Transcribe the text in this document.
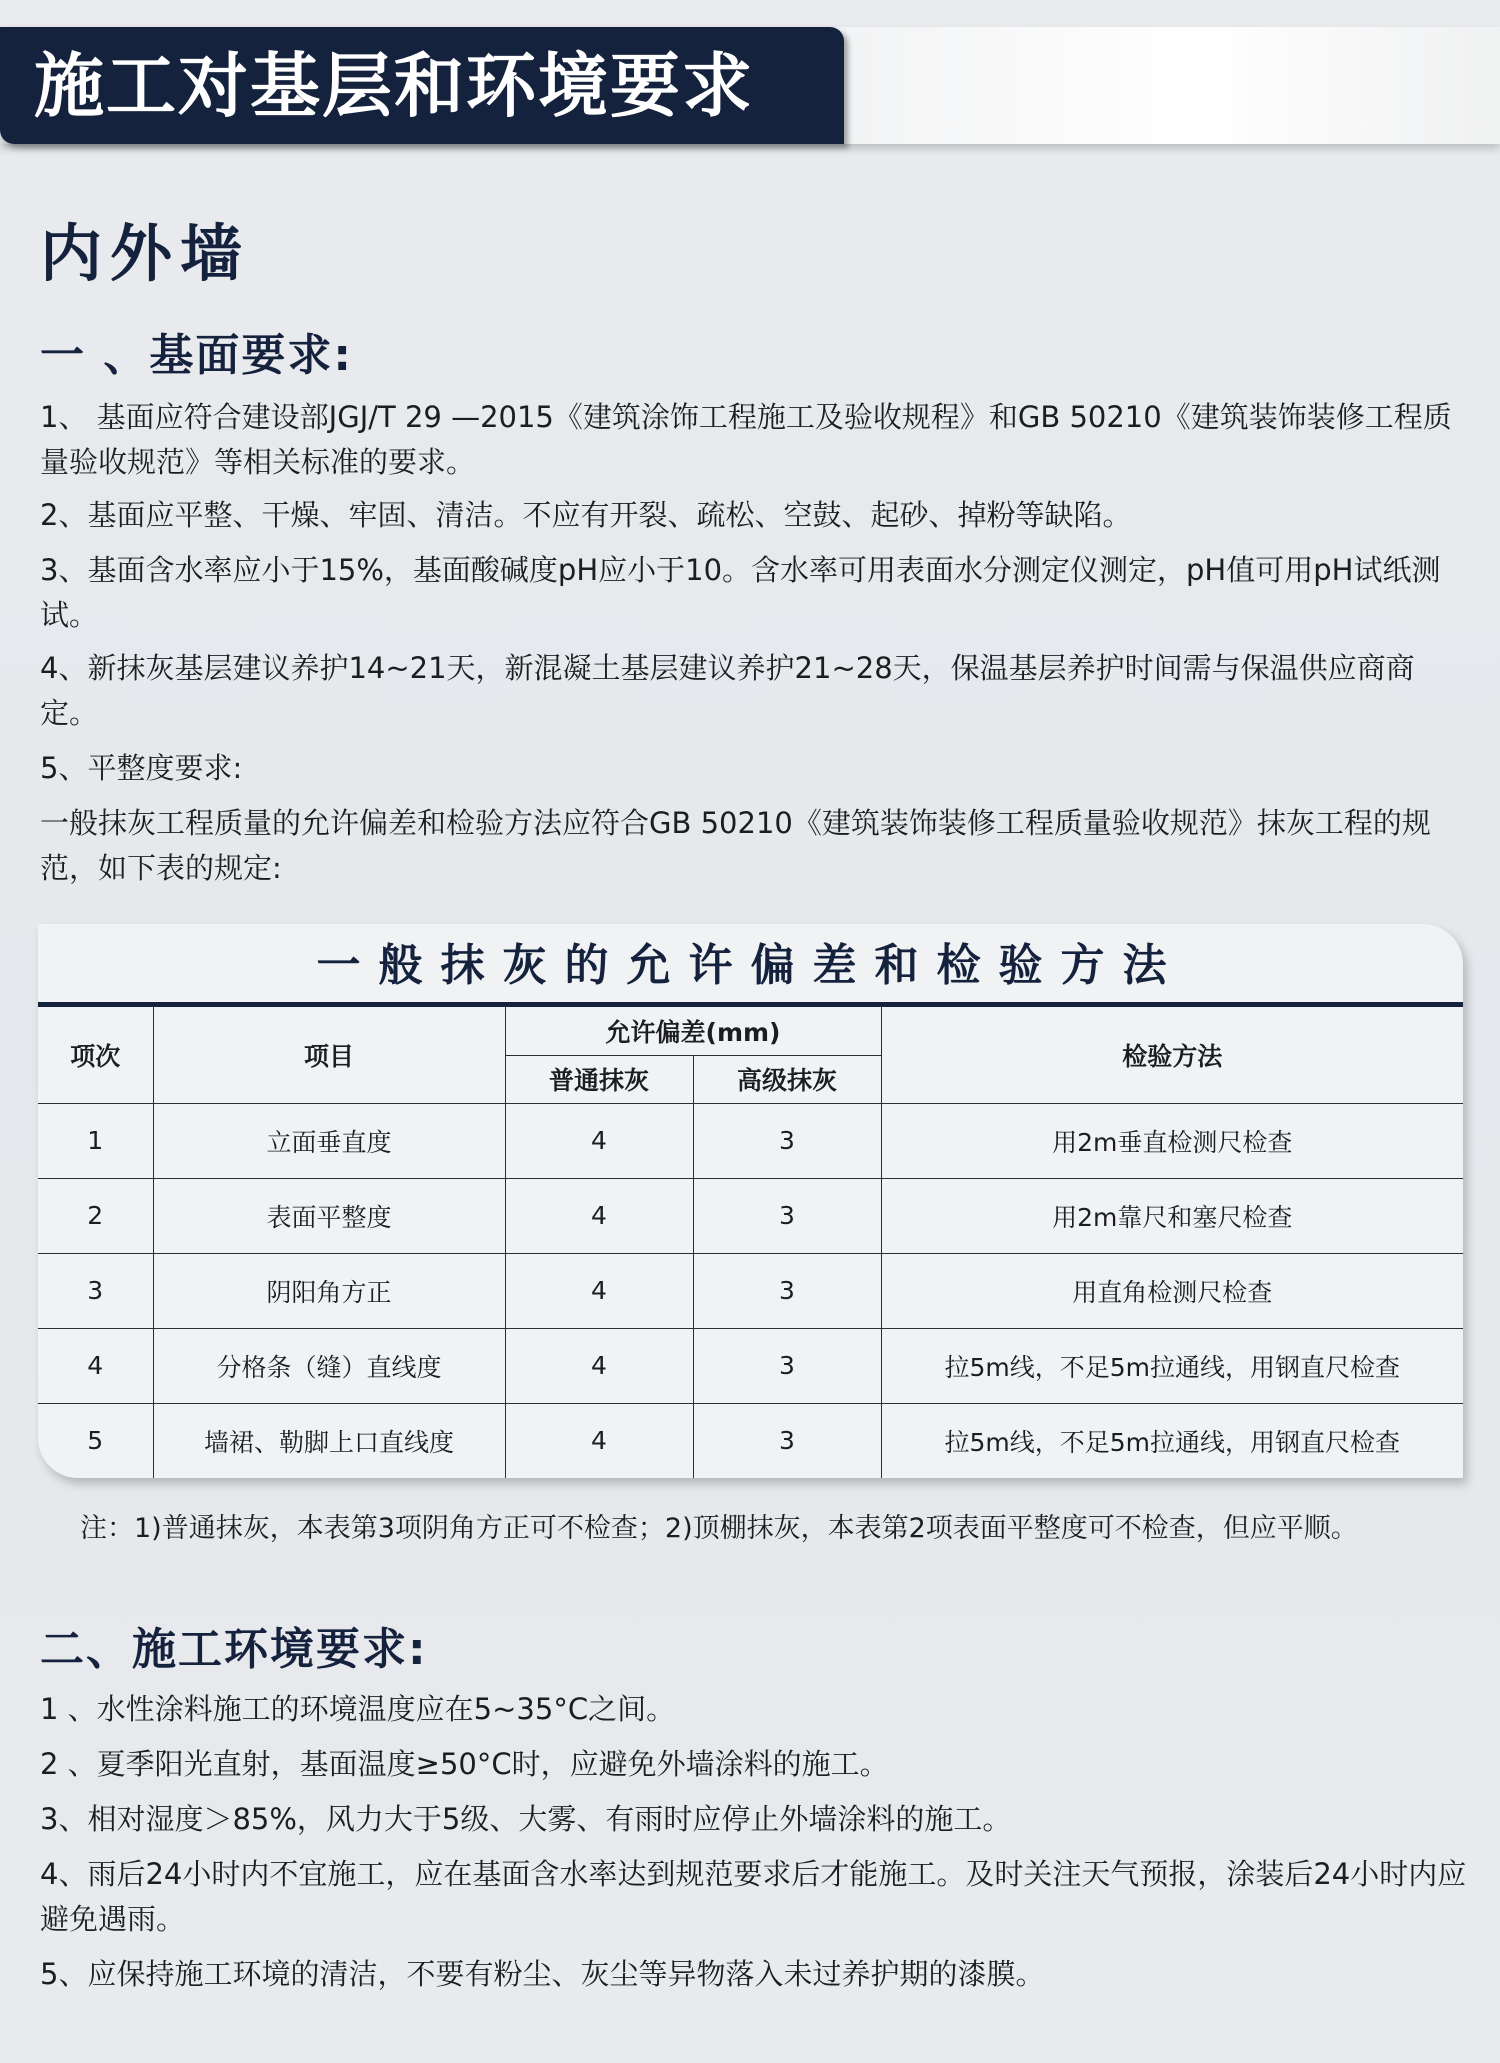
施工对基层和环境要求
内外墙
一 、基面要求:
1、 基面应符合建设部JGJ/T 29 —2015《建筑涂饰工程施工及验收规程》和GB 50210《建筑装饰装修工程质量验收规范》等相关标准的要求。
2、基面应平整、干燥、牢固、清洁。不应有开裂、疏松、空鼓、起砂、掉粉等缺陷。
3、基面含水率应小于15%，基面酸碱度pH应小于10。含水率可用表面水分测定仪测定，pH值可用pH试纸测试。
4、新抹灰基层建议养护14~21天，新混凝土基层建议养护21~28天，保温基层养护时间需与保温供应商商定。
5、平整度要求:
一般抹灰工程质量的允许偏差和检验方法应符合GB 50210《建筑装饰装修工程质量验收规范》抹灰工程的规范，如下表的规定:
一般抹灰的允许偏差和检验方法
项次	项目	允许偏差(mm)		检验方法
		普通抹灰	高级抹灰	
1	立面垂直度	4	3	用2m垂直检测尺检查
2	表面平整度	4	3	用2m靠尺和塞尺检查
3	阴阳角方正	4	3	用直角检测尺检查
4	分格条（缝）直线度	4	3	拉5m线，不足5m拉通线，用钢直尺检查
5	墙裙、勒脚上口直线度	4	3	拉5m线，不足5m拉通线，用钢直尺检查
注：1)普通抹灰，本表第3项阴角方正可不检查；2)顶棚抹灰，本表第2项表面平整度可不检查，但应平顺。
二、施工环境要求:
1 、水性涂料施工的环境温度应在5~35°C之间。
2 、夏季阳光直射，基面温度≥50°C时，应避免外墙涂料的施工。
3、相对湿度＞85%，风力大于5级、大雾、有雨时应停止外墙涂料的施工。
4、雨后24小时内不宜施工，应在基面含水率达到规范要求后才能施工。及时关注天气预报，涂装后24小时内应避免遇雨。
5、应保持施工环境的清洁，不要有粉尘、灰尘等异物落入未过养护期的漆膜。
